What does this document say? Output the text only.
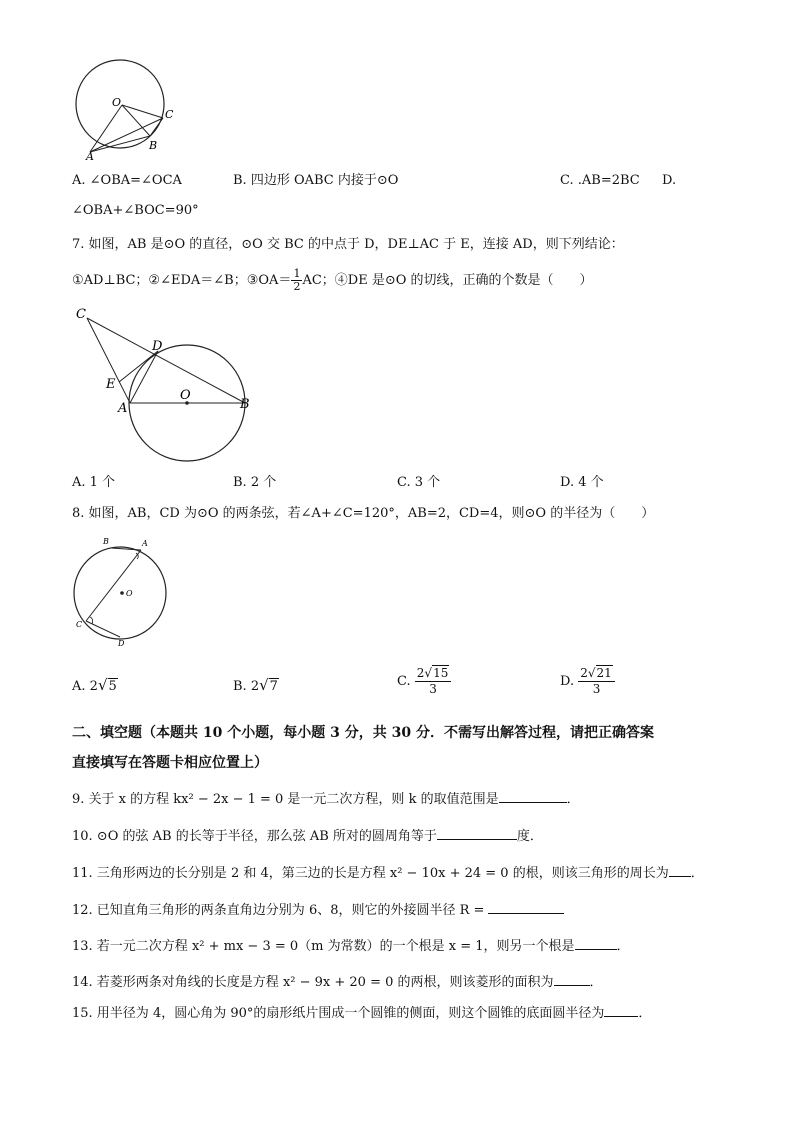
O
C
A
B
A. ∠OBA=∠OCA	B. 四边形 OABC 内接于⊙O	C. .AB=2BC D.
∠OBA+∠BOC=90°
7. 如图，AB 是⊙O 的直径，⊙O 交 BC 的中点于 D，DE⊥AC 于 E，连接 AD，则下列结论：
①AD⊥BC；②∠EDA＝∠B；③OA＝ $\frac{1}{2}$ AC；④DE 是⊙O 的切线，正确的个数是（　　）
C
D
E
A
O
B
A. 1 个	B. 2 个	C. 3 个	D. 4 个
8. 如图，AB，CD 为⊙O 的两条弦，若∠A+∠C=120°，AB=2，CD=4，则⊙O 的半径为（　　）
B	A
O
C
D
A. 2√5	B. 2√7	C. $\frac{2√15}{3}$	D. $\frac{2√21}{3}$
二、填空题（本题共 10 个小题，每小题 3 分，共 30 分．不需写出解答过程，请把正确答案
直接填写在答题卡相应位置上）
9. 关于 x 的方程 kx² − 2x − 1 = 0 是一元二次方程，则 k 的取值范围是	．
10. ⊙O 的弦 AB 的长等于半径，那么弦 AB 所对的圆周角等于	度．
11. 三角形两边的长分别是 2 和 4，第三边的长是方程 x² − 10x + 24 = 0 的根，则该三角形的周长为 ．
12. 已知直角三角形的两条直角边分别为 6、8，则它的外接圆半径 R =
13. 若一元二次方程 x² + mx − 3 = 0（m 为常数）的一个根是 x = 1，则另一个根是	．
14. 若菱形两条对角线的长度是方程 x² − 9x + 20 = 0 的两根，则该菱形的面积为	．
15. 用半径为 4，圆心角为 90°的扇形纸片围成一个圆锥的侧面，则这个圆锥的底面圆半径为	．
